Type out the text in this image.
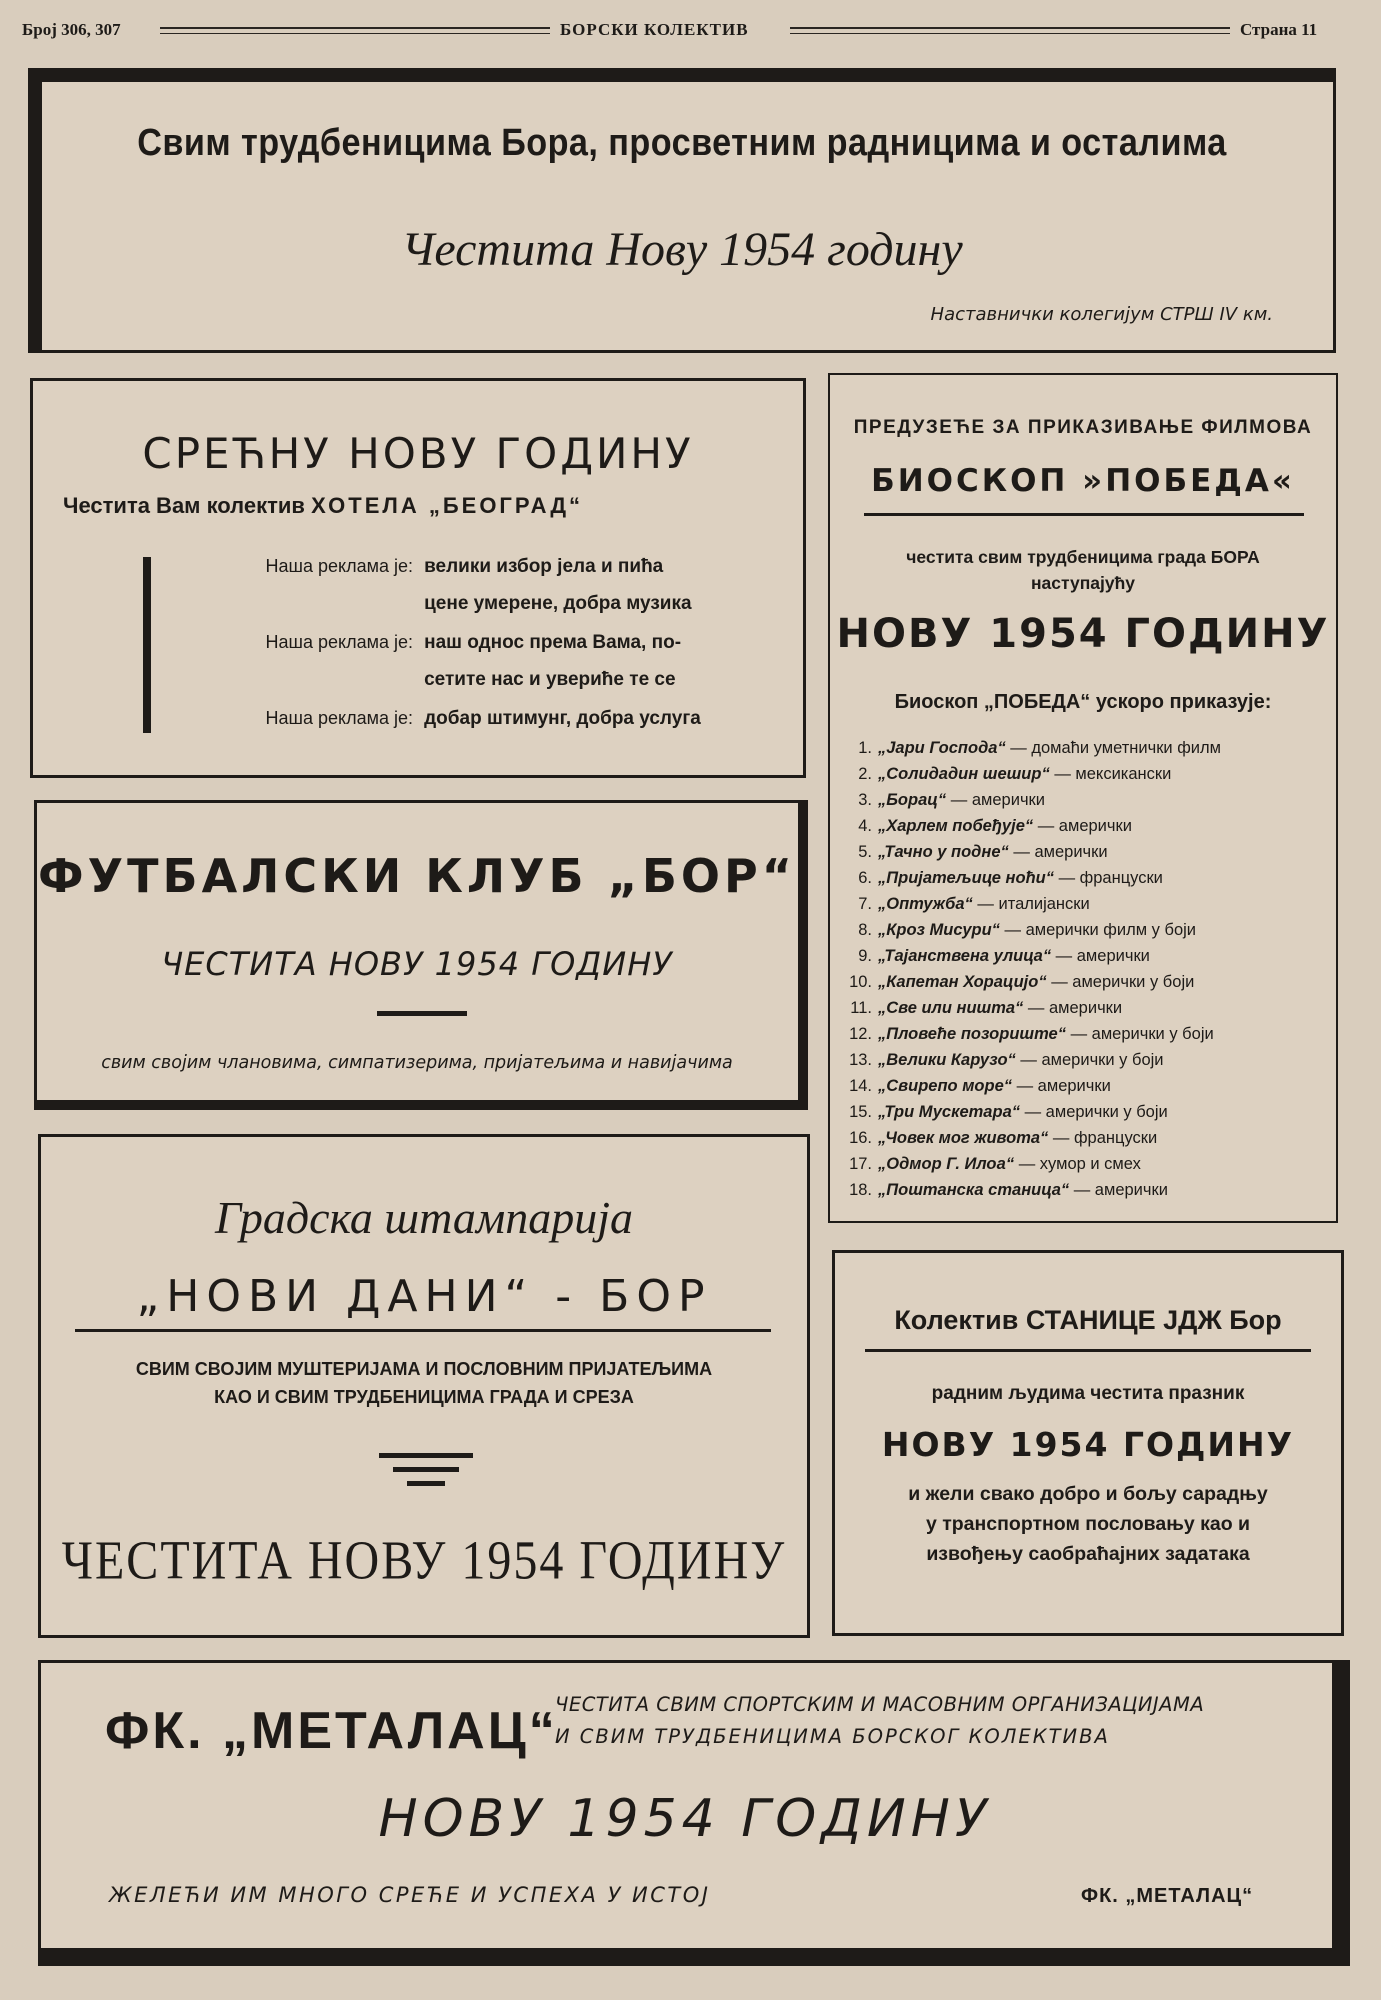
Број 306, 307	БОРСКИ КОЛЕКТИВ	Страна 11
Свим трудбеницима Бора, просветним радницима и осталима
Честита Нову 1954 годину
Наставнички колегијум СТРШ IV км.
СРЕЋНУ НОВУ ГОДИНУ
Честита Вам колектив ХОТЕЛА „БЕОГРАД“
Наша реклама је: велики избор јела и пића
цене умерене, добра музика
Наша реклама је: наш однос према Вама, по-
сетите нас и увериће те се
Наша реклама је: добар штимунг, добра услуга
ПРЕДУЗЕЋЕ ЗА ПРИКАЗИВАЊЕ ФИЛМОВА
БИОСКОП »ПОБЕДА«
честита свим трудбеницима града БОРА
наступајућу
НОВУ 1954 ГОДИНУ
Биоскоп „ПОБЕДА“ ускоро приказује:
1. „Јари Господа“ — домаћи уметнички филм
2. „Солидадин шешир“ — мексикански
3. „Борац“ — амерички
4. „Харлем побеђује“ — амерички
5. „Тачно у подне“ — амерички
6. „Пријатељице ноћи“ — француски
7. „Оптужба“ — италијански
8. „Кроз Мисури“ — амерички филм у боји
9. „Тајанствена улица“ — амерички
10. „Капетан Хорацијо“ — амерички у боји
11. „Све или ништа“ — амерички
12. „Пловеће позориште“ — амерички у боји
13. „Велики Карузо“ — амерички у боји
14. „Свирепо море“ — амерички
15. „Три Мускетара“ — амерички у боји
16. „Човек мог живота“ — француски
17. „Одмор Г. Илоа“ — хумор и смех
18. „Поштанска станица“ — амерички
ФУТБАЛСКИ КЛУБ „БОР“
ЧЕСТИТА НОВУ 1954 ГОДИНУ
свим својим члановима, симпатизерима, пријатељима и навијачима
Градска штампарија
„НОВИ ДАНИ“ - БОР
СВИМ СВОЈИМ МУШТЕРИЈАМА И ПОСЛОВНИМ ПРИЈАТЕЉИМА
КАО И СВИМ ТРУДБЕНИЦИМА ГРАДА И СРЕЗА
ЧЕСТИТА НОВУ 1954 ГОДИНУ
Колектив СТАНИЦЕ ЈДЖ Бор
радним људима честита празник
НОВУ 1954 ГОДИНУ
и жели свако добро и бољу сарадњу
у транспортном пословању као и
извођењу саобраћајних задатака
ФК. „МЕТАЛАЦ“
ЧЕСТИТА СВИМ СПОРТСКИМ И МАСОВНИМ ОРГАНИЗАЦИЈАМА
И СВИМ ТРУДБЕНИЦИМА БОРСКОГ КОЛЕКТИВА
НОВУ 1954 ГОДИНУ
ЖЕЛЕЋИ ИМ МНОГО СРЕЋЕ И УСПЕХА У ИСТОЈ	ФК. „МЕТАЛАЦ“
